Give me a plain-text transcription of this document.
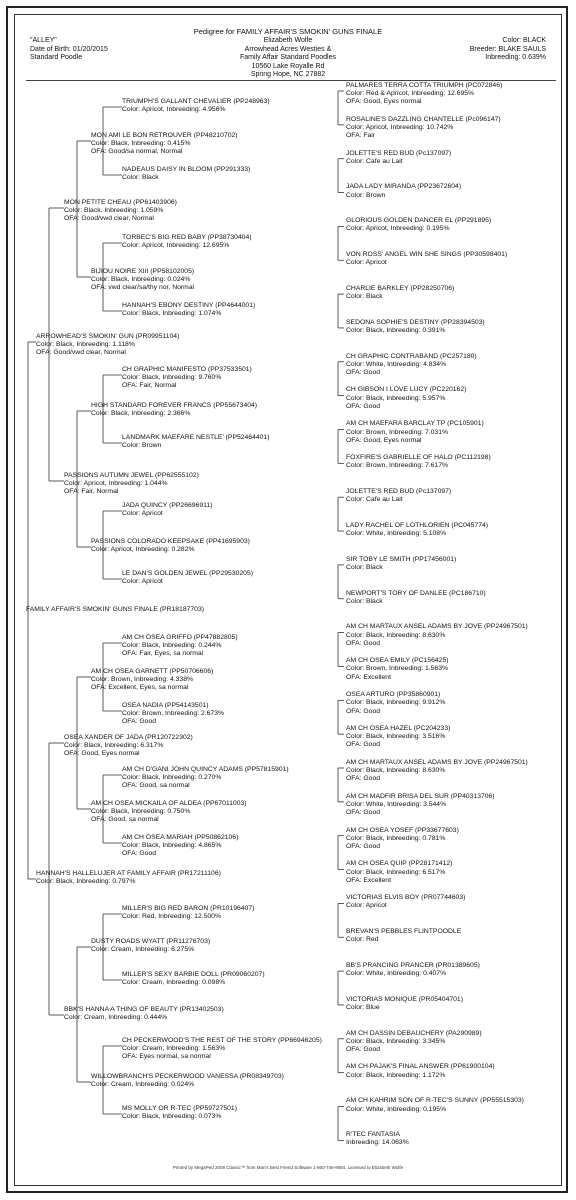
Pedigree for FAMILY AFFAIR'S SMOKIN' GUNS FINALE
"ALLEY"
Date of Birth: 01/20/2015
Standard Poodle
Elizabeth Wolfe
Arrowhead Acres Westies &
Family Affair Standard Poodles
10560 Lake Royalle Rd
Spring Hope, NC 27882
Color: BLACK
Breeder: BLAKE SAULS
Inbreeding: 0.639%
FAMILY AFFAIR'S SMOKIN' GUNS FINALE (PR18187703)
ARROWHEAD'S SMOKIN' GUN (PR09951104)
Color: Black, Inbreeding: 1.118%
OFA: Good/vwd clear, Normal
HANNAH'S HALLELUJER AT FAMILY AFFAIR (PR17211106)
Color: Black, Inbreeding: 0.797%
MON PETITE CHEAU (PP61403906)
Color: Black, Inbreeding: 1.059%
OFA: Good/vwd clear, Normal
PASSIONS AUTUMN JEWEL (PP62555102)
Color: Apricot, Inbreeding: 1.044%
OFA: Fair, Normal
OSEA XANDER OF JADA (PR120722302)
Color: Black, Inbreeding: 6.317%
OFA: Good, Eyes normal
BBK'S HANNA A THING OF BEAUTY (PR13402503)
Color: Cream, Inbreeding: 0.444%
MON AMI LE BON RETROUVER (PP48210702)
Color: Black, Inbreeding: 0.415%
OFA: Good/sa normal, Normal
BIJIOU NOIRE XIII (PP58102005)
Color: Black, Inbreeding: 0.024%
OFA: vwd clear/sa/thy nor, Normal
HIGH STANDARD FOREVER FRANCS (PP55673404)
Color: Black, Inbreeding: 2.366%
PASSIONS COLORADO KEEPSAKE (PP41695903)
Color: Apricot, Inbreeding: 0.282%
AM CH OSEA GARNETT (PP50706606)
Color: Brown, Inbreeding: 4.338%
OFA: Excellent, Eyes, sa normal
AM CH OSEA MICKAILA OF ALDEA (PP67011003)
Color: Black, Inbreeding: 0.750%
OFA: Good, sa normal
DUSTY ROADS WYATT (PR11276703)
Color: Cream, Inbreeding: 6.275%
WILLOWBRANCH'S PECKERWOOD VANESSA (PR08349703)
Color: Cream, Inbreeding: 0.024%
TRIUMPH'S GALLANT CHEVALIER (PP248963)
Color: Apricot, Inbreeding: 4.956%
NADEAUS DAISY IN BLOOM (PP291333)
Color: Black
TORBEC'S BIG RED BABY (PP38730404)
Color: Apricot, Inbreeding: 12.695%
HANNAH'S EBONY DESTINY (PP4644001)
Color: Black, Inbreeding: 1.074%
CH GRAPHIC MANIFESTO (PP37533501)
Color: Black, Inbreeding: 9.760%
OFA: Fair, Normal
LANDMARK MAEFARE NESTLE' (PP52464401)
Color: Brown
JADA QUINCY (PP26696911)
Color: Apricot
LE DAN'S GOLDEN JEWEL (PP29530205)
Color: Apricot
AM CH OSEA GRIFFO (PP47882805)
Color: Black, Inbreeding: 0.244%
OFA: Fair, Eyes, sa normal
OSEA NADIA (PP54143501)
Color: Brown, Inbreeding: 2.673%
OFA: Good
AM CH D'GANI JOHN QUINCY ADAMS (PP57815901)
Color: Black, Inbreeding: 0.270%
OFA: Good, sa normal
AM CH OSEA MARIAH (PP50862106)
Color: Black, Inbreeding: 4.865%
OFA: Good
MILLER'S BIG RED BARON (PR10196407)
Color: Red, Inbreeding: 12.500%
MILLER'S SEXY BARBIE DOLL (PR09060207)
Color: Cream, Inbreeding: 0.098%
CH PECKERWOOD'S THE REST OF THE STORY (PP66946205)
Color: Cream, Inbreeding: 1.563%
OFA: Eyes normal, sa normal
MS MOLLY OR R-TEC (PP59727501)
Color: Black, Inbreeding: 0.073%
PALMARES TERRA COTTA TRIUMPH (PC072846)
Color: Red & Apricot, Inbreeding: 12.695%
OFA: Good, Eyes normal
ROSALINE'S DAZZLING CHANTELLE (Pc096147)
Color: Apricot, Inbreeding: 10.742%
OFA: Fair
JOLETTE'S RED BUD (Pc137097)
Color: Cafe au Lait
JADA LADY MIRANDA (PP23672604)
Color: Brown
GLORIOUS GOLDEN DANCER EL (PP291895)
Color: Apricot, Inbreeding: 0.195%
VON ROSS' ANGEL WIN SHE SINGS (PP30598401)
Color: Apricot
CHARLIE BARKLEY (PP28250706)
Color: Black
SEDONA SOPHIE'S DESTINY (PP28394503)
Color: Black, Inbreeding: 0.391%
CH GRAPHIC CONTRABAND (PC257180)
Color: White, Inbreeding: 4.834%
OFA: Good
CH GIBSON I LOVE LUCY (PC220162)
Color: Black, Inbreeding: 5.957%
OFA: Good
AM CH MAEFARA BARCLAY TP (PC105901)
Color: Brown, Inbreeding: 7.031%
OFA: Good, Eyes normal
FOXFIRE'S GABRIELLE OF HALO (PC112198)
Color: Brown, Inbreeding: 7.617%
JOLETTE'S RED BUD (Pc137097)
Color: Cafe au Lait
LADY RACHEL OF LOTHLORIEN (PC045774)
Color: White, Inbreeding: 5.108%
SIR TOBY LE SMITH (PP17456001)
Color: Black
NEWPORT'S TORY OF DANLEE (PC186710)
Color: Black
AM CH MARTAUX ANSEL ADAMS BY JOVE (PP24967501)
Color: Black, Inbreeding: 8.630%
OFA: Good
AM CH OSEA EMILY (PC156425)
Color: Brown, Inbreeding: 1.563%
OFA: Excellent
OSEA ARTURO (PP35860901)
Color: Black, Inbreeding: 9.912%
OFA: Good
AM CH OSEA HAZEL (PC204233)
Color: Black, Inbreeding: 3.516%
OFA: Good
AM CH MARTAUX ANSEL ADAMS BY JOVE (PP24967501)
Color: Black, Inbreeding: 8.630%
OFA: Good
AM CH MADFIR BRISA DEL SUR (PP40313706)
Color: White, Inbreeding: 3.544%
OFA: Good
AM CH OSEA YOSEF (PP33677603)
Color: Black, Inbreeding: 0.781%
OFA: Good
AM CH OSEA QUIP (PP28171412)
Color: Black, Inbreeding: 6.517%
OFA: Excellent
VICTORIAS ELVIS BOY (PR07744603)
Color: Apricot
BREVAN'S PEBBLES FLINTPOODLE
Color: Red
BB'S PRANCING PRANCER (PR01389605)
Color: White, Inbreeding: 0.407%
VICTORIAS MONIQUE (PR05404701)
Color: Blue
AM CH DASSIN DEBAUCHERY (PA290989)
Color: Black, Inbreeding: 3.345%
OFA: Good
AM CH PAJAK'S FINAL ANSWER (PP61900104)
Color: Black, Inbreeding: 1.172%
AM CH KAHRIM SON OF R-TEC'S SUNNY (PP55515303)
Color: White, Inbreeding: 0.195%
R'TEC FANTASIA
Inbreeding: 14.063%
Printed by MegaPed 2009 Classic™ from Man's Best Friend Software 1-800-746-9084, Licensed to Elizabeth Wolfe
